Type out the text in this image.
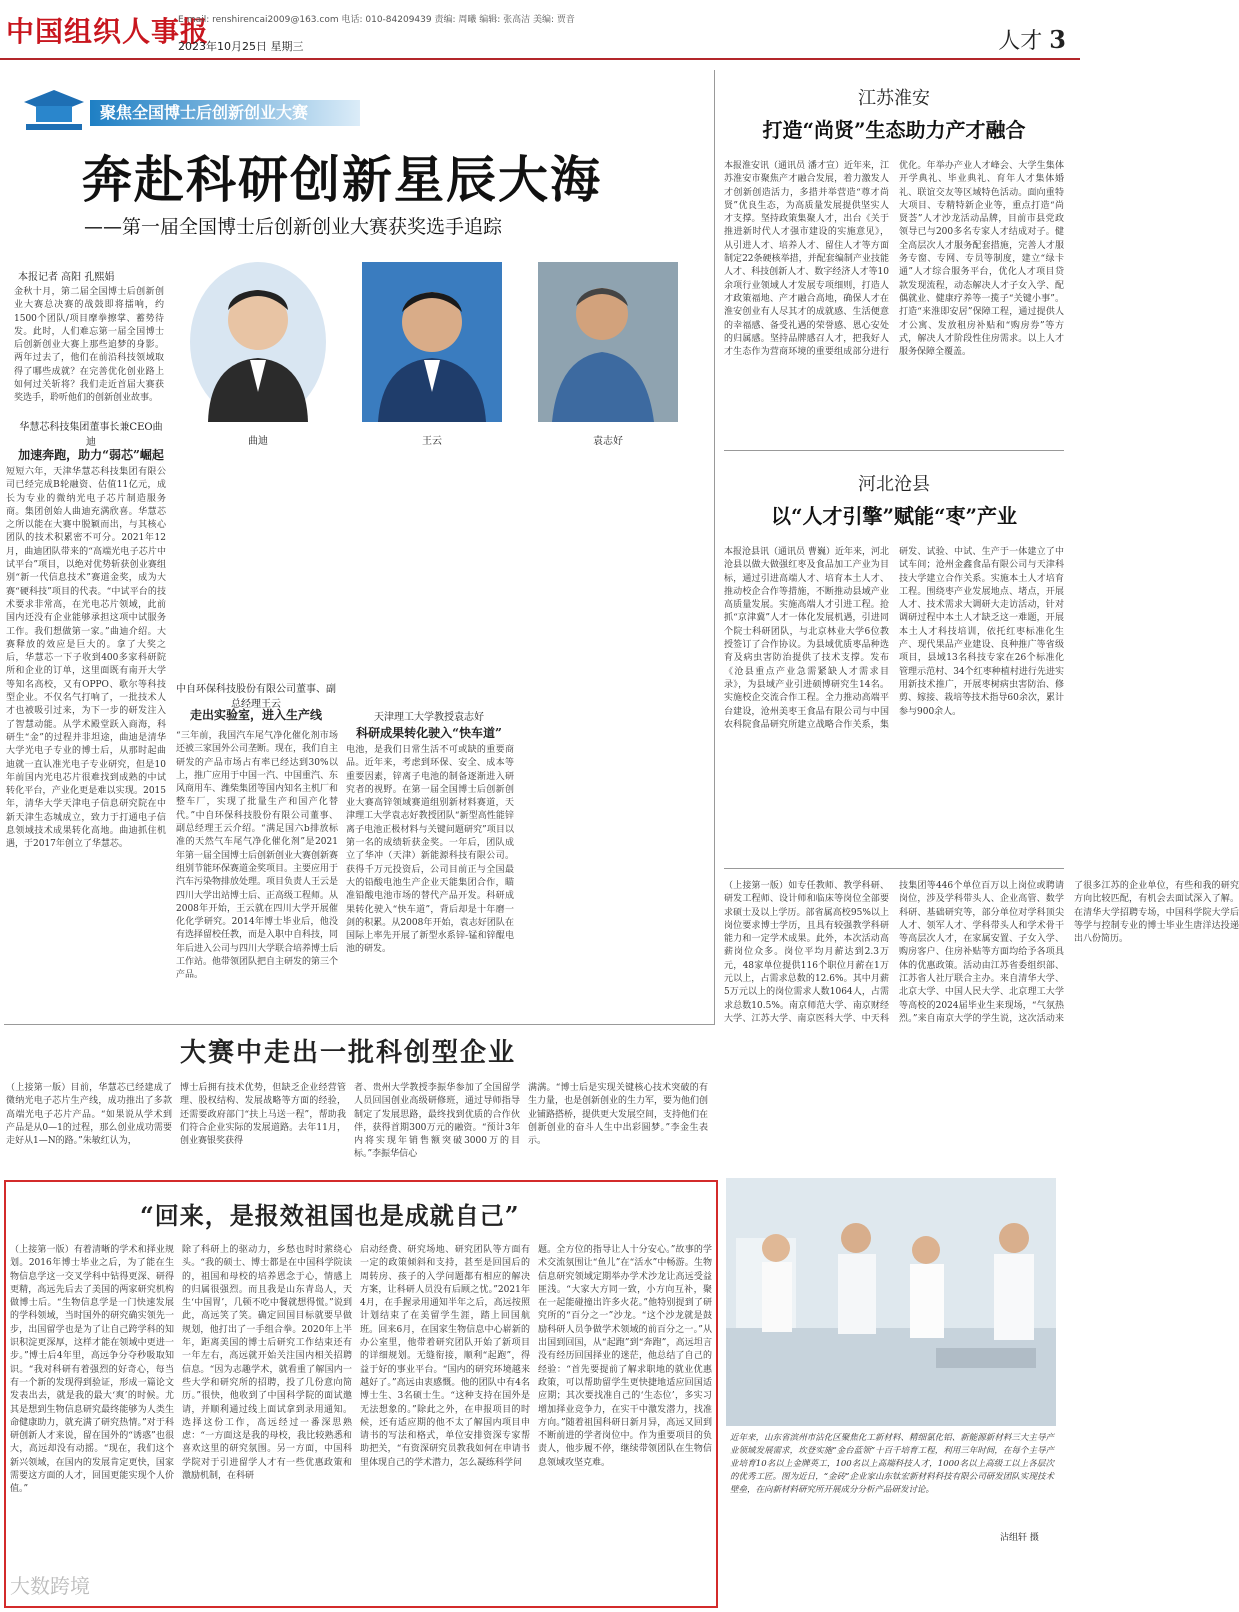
中国组织人事报
E-mail: renshirencai2009@163.com 电话: 010-84209439 责编: 周曦 编辑: 张高洁 美编: 贾音
2023年10月25日 星期三	人才 3
聚焦全国博士后创新创业大赛
奔赴科研创新星辰大海
——第一届全国博士后创新创业大赛获奖选手追踪
本报记者 高阳 孔熙娟
金秋十月，第二届全国博士后创新创业大赛总决赛的战鼓即将擂响，约1500个团队/项目摩拳擦掌、蓄势待发。此时，人们难忘第一届全国博士后创新创业大赛上那些追梦的身影。两年过去了，他们在前沿科技领域取得了哪些成就？在完善优化创业路上如何过关斩将？我们走近首届大赛获奖选手，聆听他们的创新创业故事。
曲迪	王云	袁志好
华慧芯科技集团董事长兼CEO曲迪
加速奔跑，助力“弱芯”崛起
短短六年，天津华慧芯科技集团有限公司已经完成B轮融资、估值11亿元，成长为专业的微纳光电子芯片制造服务商。集团创始人曲迪充满欣喜。华慧芯之所以能在大赛中脱颖而出，与其核心团队的技术积累密不可分。2021年12月，曲迪团队带来的“高端光电子芯片中试平台”项目，以绝对优势斩获创业赛组别“新一代信息技术”赛道金奖，成为大赛“硬科技”项目的代表。“中试平台的技术要求非常高，在光电芯片领域，此前国内还没有企业能够承担这项中试服务工作。我们想做第一家。”曲迪介绍。大赛释放的效应是巨大的。拿了大奖之后，华慧芯一下子收到400多家科研院所和企业的订单，这里面既有南开大学等知名高校，又有OPPO、歌尔等科技型企业。不仅名气打响了，一批技术人才也被吸引过来，为下一步的研发注入了智慧动能。从学术殿堂跃入商海，科研生“金”的过程并非坦途，曲迪是清华大学光电子专业的博士后，从那时起曲迪就一直认准光电子专业研究，但是10年前国内光电芯片很难找到成熟的中试转化平台，产业化更是难以实现。2015年，清华大学天津电子信息研究院在中新天津生态城成立，致力于打通电子信息领域技术成果转化高地。曲迪抓住机遇，于2017年创立了华慧芯。
中自环保科技股份有限公司董事、副总经理王云
走出实验室，进入生产线
“三年前，我国汽车尾气净化催化剂市场还被三家国外公司垄断。现在，我们自主研发的产品市场占有率已经达到30%以上，推广应用于中国一汽、中国重汽、东风商用车、潍柴集团等国内知名主机厂和整车厂，实现了批量生产和国产化替代。”中自环保科技股份有限公司董事、副总经理王云介绍。“满足国六b排放标准的天然气车尾气净化催化剂”是2021年第一届全国博士后创新创业大赛创新赛组别节能环保赛道金奖项目。主要应用于汽车污染物排放处理。项目负责人王云是四川大学出站博士后、正高级工程师。从2008年开始，王云就在四川大学开展催化化学研究。2014年博士毕业后，他没有选择留校任教，而是入职中自科技，同年后进入公司与四川大学联合培养博士后工作站。他带领团队把自主研发的第三个产品。
天津理工大学教授袁志好
科研成果转化驶入“快车道”
电池，是我们日常生活不可或缺的重要商品。近年来，考虑到环保、安全、成本等重要因素，锌离子电池的制备逐渐进入研究者的视野。在第一届全国博士后创新创业大赛高锌领域赛道组别新材料赛道，天津理工大学袁志好教授团队“新型高性能锌离子电池正极材料与关键问题研究”项目以第一名的成绩斩获金奖。一年后，团队成立了华冲（天津）新能源科技有限公司。获得千万元投资后，公司目前正与全国最大的铅酸电池生产企业天能集团合作，瞄准铅酸电池市场的替代产品开发。科研成果转化驶入“快车道”，背后却是十年磨一剑的积累。从2008年开始，袁志好团队在国际上率先开展了新型水系锌-锰和锌醌电池的研发。
江苏淮安
打造“尚贤”生态助力产才融合
本报淮安讯（通讯员 潘才宣）近年来，江苏淮安市聚焦产才融合发展，着力激发人才创新创造活力，多措并举营造“尊才尚贤”优良生态，为高质量发展提供坚实人才支撑。坚持政策集聚人才，出台《关于推进新时代人才强市建设的实施意见》，从引进人才、培养人才、留住人才等方面制定22条硬核举措，并配套编制产业技能人才、科技创新人才、数字经济人才等10余项行业领域人才发展专项细则，打造人才政策福地、产才融合高地，确保人才在淮安创业有人尽其才的成就感、生活便意的幸福感、备受礼遇的荣誉感、恩心安处的归属感。坚持品牌感召人才，把我好人才生态作为营商环境的重要组成部分进行优化。年举办产业人才峰会、大学生集体开学典礼、毕业典礼、育年人才集体婚礼、联谊交友等区域特色活动。面向重特大项目、专精特新企业等，重点打造“尚贤荟”人才沙龙活动品牌，目前市县党政领导已与200多名专家人才结成对子。健全高层次人才服务配套措施，完善人才服务专窗、专网、专员等制度，建立“绿卡通”人才综合服务平台，优化人才项目贷款发现流程，动态解决人才子女入学、配偶就业、健康疗养等一揽子“关键小事”。打造“来淮即安居”保障工程，通过提供人才公寓、发放租房补贴和“购房券”等方式，解决人才阶段性住房需求。以上人才服务保障全覆盖。
河北沧县
以“人才引擎”赋能“枣”产业
本报沧县讯（通讯员 曹巍）近年来，河北沧县以做大做强红枣及食品加工产业为目标，通过引进高端人才、培育本土人才、推动校企合作等措施，不断推动县域产业高质量发展。实施高端人才引进工程。抢抓“京津冀”人才一体化发展机遇，引进同个院士科研团队，与北京林业大学6位教授签订了合作协议。为县域优质枣品种选育及病虫害防治提供了技术支撑。发布《沧县重点产业急需紧缺人才需求目录》，为县域产业引进硕博研究生14名。实施校企交流合作工程。全力推动高端平台建设，沧州美枣王食品有限公司与中国农科院食品研究所建立战略合作关系，集研发、试验、中试、生产于一体建立了中试车间；沧州金鑫食品有限公司与天津科技大学建立合作关系。实施本土人才培育工程。围绕枣产业发展地点、堵点，开展人才、技术需求大调研大走访活动，针对调研过程中本土人才缺乏这一难题，开展本土人才科技培训，依托红枣标准化生产、现代果品产业建设、良种推广等省级项目，县域13名科技专家在26个标准化管理示范村、34个红枣种植村进行先进实用新技术推广，开展枣树病虫害防治、修剪、嫁接、栽培等技术指导60余次，累计参与900余人。
（上接第一版）如专任教师、教学科研、研发工程师、设计师和临床等岗位全部要求硕士及以上学历。部省属高校95%以上岗位要求博士学历，且具有较强教学科研能力和一定学术成果。此外，本次活动高薪岗位众多。岗位平均月薪达到2.3万元，48家单位提供116个职位月薪在1万元以上，占需求总数的12.6%。其中月薪5万元以上的岗位需求人数1064人，占需求总数10.5%。南京师范大学、南京财经大学、江苏大学、南京医科大学、中天科技集团等446个单位百万以上岗位或聘请岗位，涉及学科带头人、企业高管、数学科研、基础研究等，部分单位对学科顶尖人才、领军人才、学科带头人和学术骨干等高层次人才，在家属安置、子女入学、购房客户、住房补贴等方面均给予各项具体的优惠政策。活动由江苏省委组织部、江苏省人社厅联合主办。来自清华大学、北京大学、中国人民大学、北京理工大学等高校的2024届毕业生来现场，“气氛热烈。”来自南京大学的学生说，这次活动来了很多江苏的企业单位，有些和我的研究方向比较匹配，有机会去面试深入了解。在清华大学招聘专场，中国科学院大学后等学与控制专业的博士毕业生唐洋达投递出八份简历。
大赛中走出一批科创型企业
（上接第一版）目前，华慧芯已经建成了微纳光电子芯片生产线，成功推出了多款高端光电子芯片产品。“如果说从学术到产品是从0—1的过程，那么创业成功需要走好从1—N的路。”朱敏红认为，
博士后拥有技术优势，但缺乏企业经营管理、股权结构、发展战略等方面的经验，还需要政府部门“扶上马送一程”，帮助我们符合企业实际的发展道路。去年11月，创业赛银奖获得
者、贵州大学教授李振华参加了全国留学人员回国创业高级研修班，通过导师指导制定了发展思路，最终找到优质的合作伙伴，获得首期300万元的融资。“预计3年内将实现年销售额突破3000万的目标。”李振华信心
满满。“博士后是实现关键核心技术突破的有生力量，也是创新创业的生力军，要为他们创业铺路搭桥，提供更大发展空间，支持他们在创新创业的奋斗人生中出彩圆梦。”李金生表示。
“回来，是报效祖国也是成就自己”
（上接第一版）有着清晰的学术和择业规划。2016年博士毕业之后，为了能在生物信息学这一交叉学科中钻得更深、研得更精，高远先后去了美国的两家研究机构做博士后。“生物信息学是一门快速发展的学科领域，当时国外的研究确实领先一步，出国留学也是为了让自己跨学科的知识积淀更深厚，这样才能在领域中更进一步。”博士后4年里，高远争分夺秒吸取知识。“我对科研有着强烈的好奇心，每当有一个新的发现得到验证，形成一篇论文发表出去，就是我的最大‘爽’的时候。尤其是想到生物信息研究最终能够为人类生命健康助力，就充满了研究热情。”对于科研创新人才来说，留在国外的“诱惑”也很大，高远却没有动摇。“现在，我们这个新兴领域，在国内的发展肯定更快，国家需要这方面的人才，回国更能实现个人价值。”
除了科研上的驱动力，乡愁也时时萦绕心头。“我的硕士、博士都是在中国科学院读的，祖国和母校的培养恩念于心，情感上的归属很强烈。而且我是山东青岛人，天生‘中国胃’，几顿不吃中餐就想得慌。”说到此，高远笑了笑。确定回国目标就要早做规划，他打出了一手组合拳。2020年上半年，距离美国的博士后研究工作结束还有一年左右，高远就开始关注国内相关招聘信息。“因为志趣学术，就看重了解国内一些大学和研究所的招聘，投了几份意向简历。”很快，他收到了中国科学院的面试邀请，并顺利通过线上面试拿到录用通知。选择这份工作，高远经过一番深思熟虑：“一方面这是我的母校，我比较熟悉和喜欢这里的研究氛围。另一方面，中国科学院对于引进留学人才有一些优惠政策和激励机制，在科研
启动经费、研究场地、研究团队等方面有一定的政策倾斜和支持，甚至是回国后的周转房、孩子的入学问题都有相应的解决方案，让科研人员没有后顾之忧。”2021年4月，在手握录用通知半年之后，高远按照计划结束了在美留学生涯，踏上回国航班。回来6月，在国家生物信息中心崭新的办公室里，他带着研究团队开始了新项目的详细规划。无缝衔接，顺利“起跑”，得益于好的事业平台。“国内的研究环境越来越好了。”高远由衷感慨。他的团队中有4名博士生、3名硕士生。“这种支持在国外是无法想象的。”除此之外，在申报项目的时候，还有适应期的他不太了解国内项目申请书的写法和格式，单位安排资深专家帮助把关，“有资深研究员教我如何在申请书里体现自己的学术潜力，怎么凝练科学问
题。全方位的指导让人十分安心。”故事的学术交流氛围让“鱼儿”在“活水”中畅游。生物信息研究领域定期举办学术沙龙让高远受益匪浅。“大家大方同一致，小方向互补，聚在一起能碰撞出许多火花。”他特别提到了研究所的“百分之一”沙龙。“这个沙龙就是鼓励科研人员争做学术领域的前百分之一。”从出国到回国，从“起跑”到“奔跑”，高远坦言没有经历回国择业的迷茫，他总结了自己的经验：“首先要提前了解求职地的就业优惠政策，可以帮助留学生更快捷地适应回国适应期；其次要找准自己的‘生态位’，多实习增加择业竞争力，在实干中激发潜力，找准方向。”随着祖国科研日新月异，高远又回到不断前进的学者岗位中。作为重要项目的负责人，他步履不停，继续带领团队在生物信息领域攻坚克难。
近年来，山东省滨州市沾化区聚焦化工新材料、精细氯化铝、新能源新材料三大主导产业领域发展需求，坎登实施“金台蓝领”十百千培育工程，利用三年时间，在每个主导产业培育10名以上金牌英工，100名以上高端科技人才，1000名以上高级工以上各层次的优秀工匠。图为近日，“金砖”企业家山东钛宏新材料科技有限公司研发团队实现技术壁垒，在向新材料研究所开展成分分析产品研发讨论。
沾组轩 摄
大数跨境
